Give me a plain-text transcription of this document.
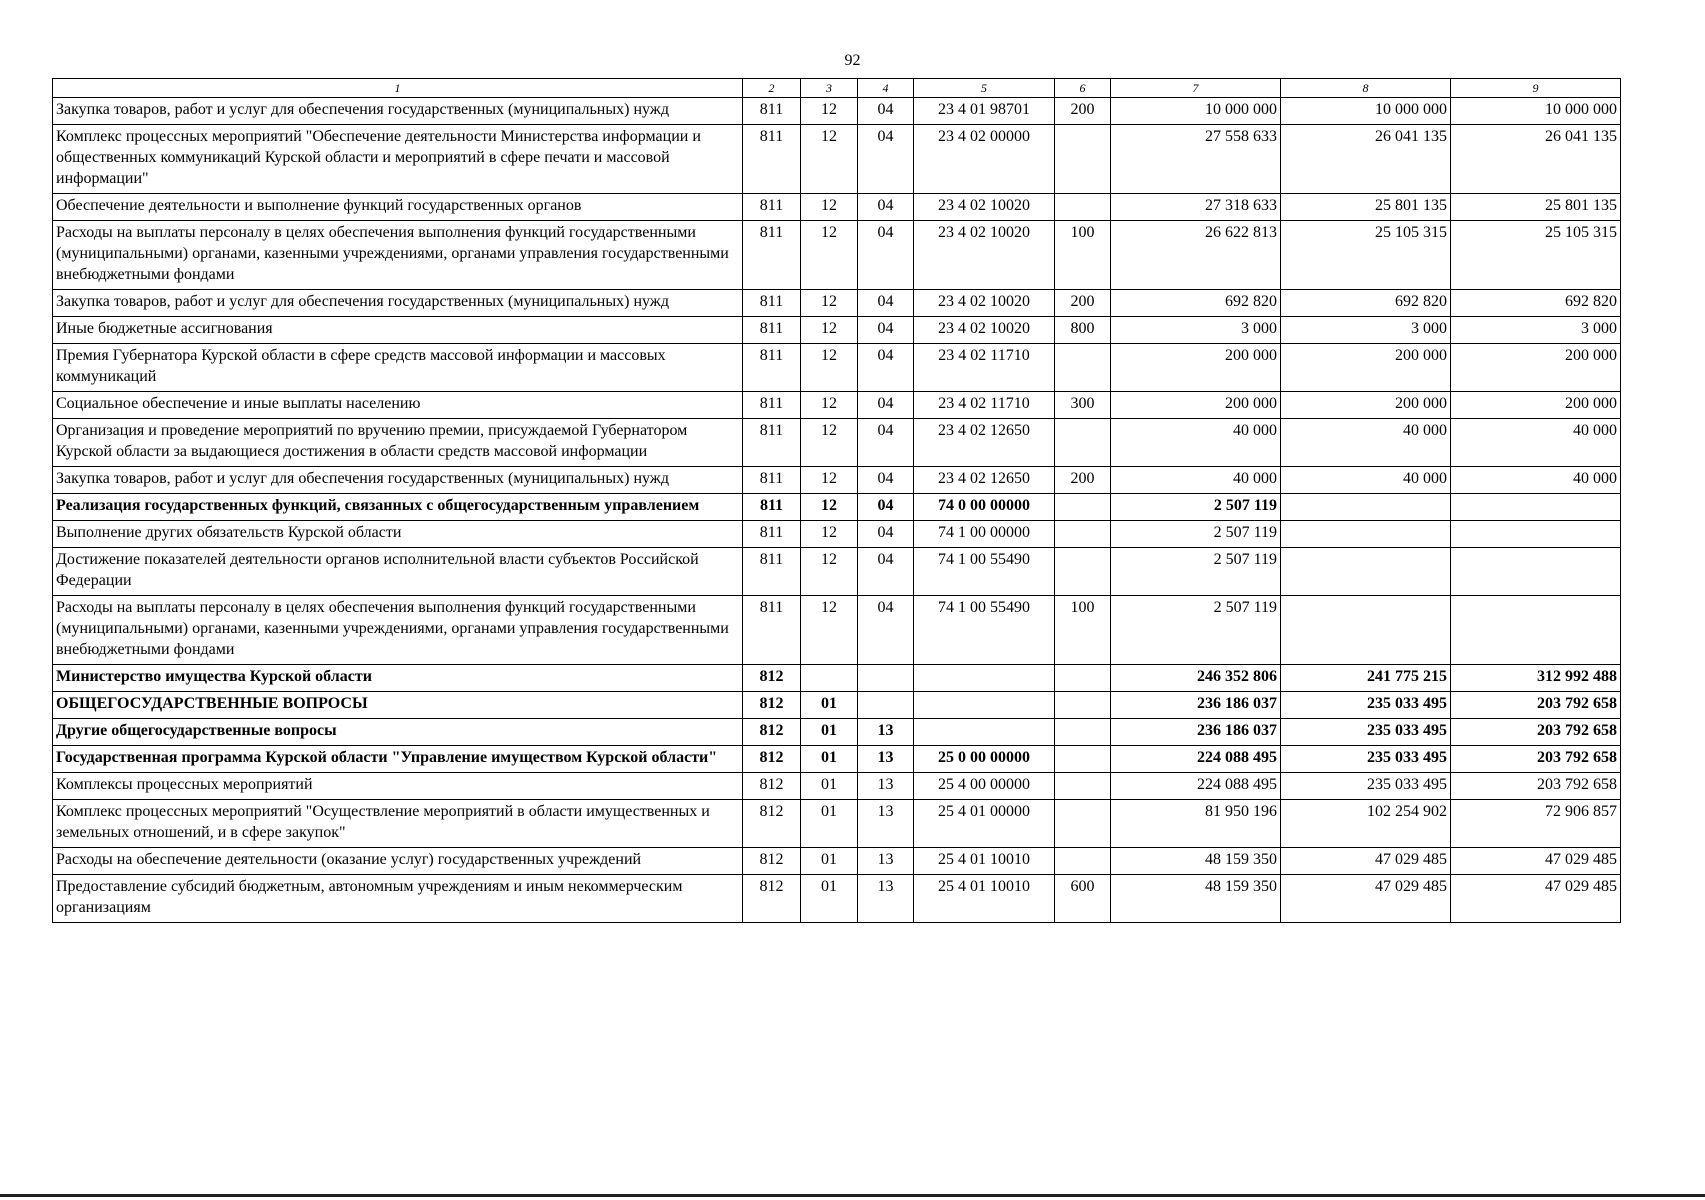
92
1	2	3	4	5	6	7	8	9
Закупка товаров, работ и услуг для обеспечения государственных (муниципальных) нужд	811	12	04	23 4 01 98701	200	10 000 000	10 000 000	10 000 000
Комплекс процессных мероприятий "Обеспечение деятельности Министерства информации и общественных коммуникаций Курской области и мероприятий в сфере печати и массовой информации"	811	12	04	23 4 02 00000		27 558 633	26 041 135	26 041 135
Обеспечение деятельности и выполнение функций государственных органов	811	12	04	23 4 02 10020		27 318 633	25 801 135	25 801 135
Расходы на выплаты персоналу в целях обеспечения выполнения функций государственными (муниципальными) органами, казенными учреждениями, органами управления государственными внебюджетными фондами	811	12	04	23 4 02 10020	100	26 622 813	25 105 315	25 105 315
Закупка товаров, работ и услуг для обеспечения государственных (муниципальных) нужд	811	12	04	23 4 02 10020	200	692 820	692 820	692 820
Иные бюджетные ассигнования	811	12	04	23 4 02 10020	800	3 000	3 000	3 000
Премия Губернатора Курской области в сфере средств массовой информации и массовых коммуникаций	811	12	04	23 4 02 11710		200 000	200 000	200 000
Социальное обеспечение и иные выплаты населению	811	12	04	23 4 02 11710	300	200 000	200 000	200 000
Организация и проведение мероприятий по вручению премии, присуждаемой Губернатором Курской области за выдающиеся достижения в области средств массовой информации	811	12	04	23 4 02 12650		40 000	40 000	40 000
Закупка товаров, работ и услуг для обеспечения государственных (муниципальных) нужд	811	12	04	23 4 02 12650	200	40 000	40 000	40 000
Реализация государственных функций, связанных с общегосударственным управлением	811	12	04	74 0 00 00000		2 507 119		
Выполнение других обязательств Курской области	811	12	04	74 1 00 00000		2 507 119		
Достижение показателей деятельности органов исполнительной власти субъектов Российской Федерации	811	12	04	74 1 00 55490		2 507 119		
Расходы на выплаты персоналу в целях обеспечения выполнения функций государственными (муниципальными) органами, казенными учреждениями, органами управления государственными внебюджетными фондами	811	12	04	74 1 00 55490	100	2 507 119		
Министерство имущества Курской области	812					246 352 806	241 775 215	312 992 488
ОБЩЕГОСУДАРСТВЕННЫЕ ВОПРОСЫ	812	01				236 186 037	235 033 495	203 792 658
Другие общегосударственные вопросы	812	01	13			236 186 037	235 033 495	203 792 658
Государственная программа Курской области "Управление имуществом Курской области"	812	01	13	25 0 00 00000		224 088 495	235 033 495	203 792 658
Комплексы процессных мероприятий	812	01	13	25 4 00 00000		224 088 495	235 033 495	203 792 658
Комплекс процессных мероприятий "Осуществление мероприятий в области имущественных и земельных отношений, и в сфере закупок"	812	01	13	25 4 01 00000		81 950 196	102 254 902	72 906 857
Расходы на обеспечение деятельности (оказание услуг) государственных учреждений	812	01	13	25 4 01 10010		48 159 350	47 029 485	47 029 485
Предоставление субсидий бюджетным, автономным учреждениям и иным некоммерческим организациям	812	01	13	25 4 01 10010	600	48 159 350	47 029 485	47 029 485
